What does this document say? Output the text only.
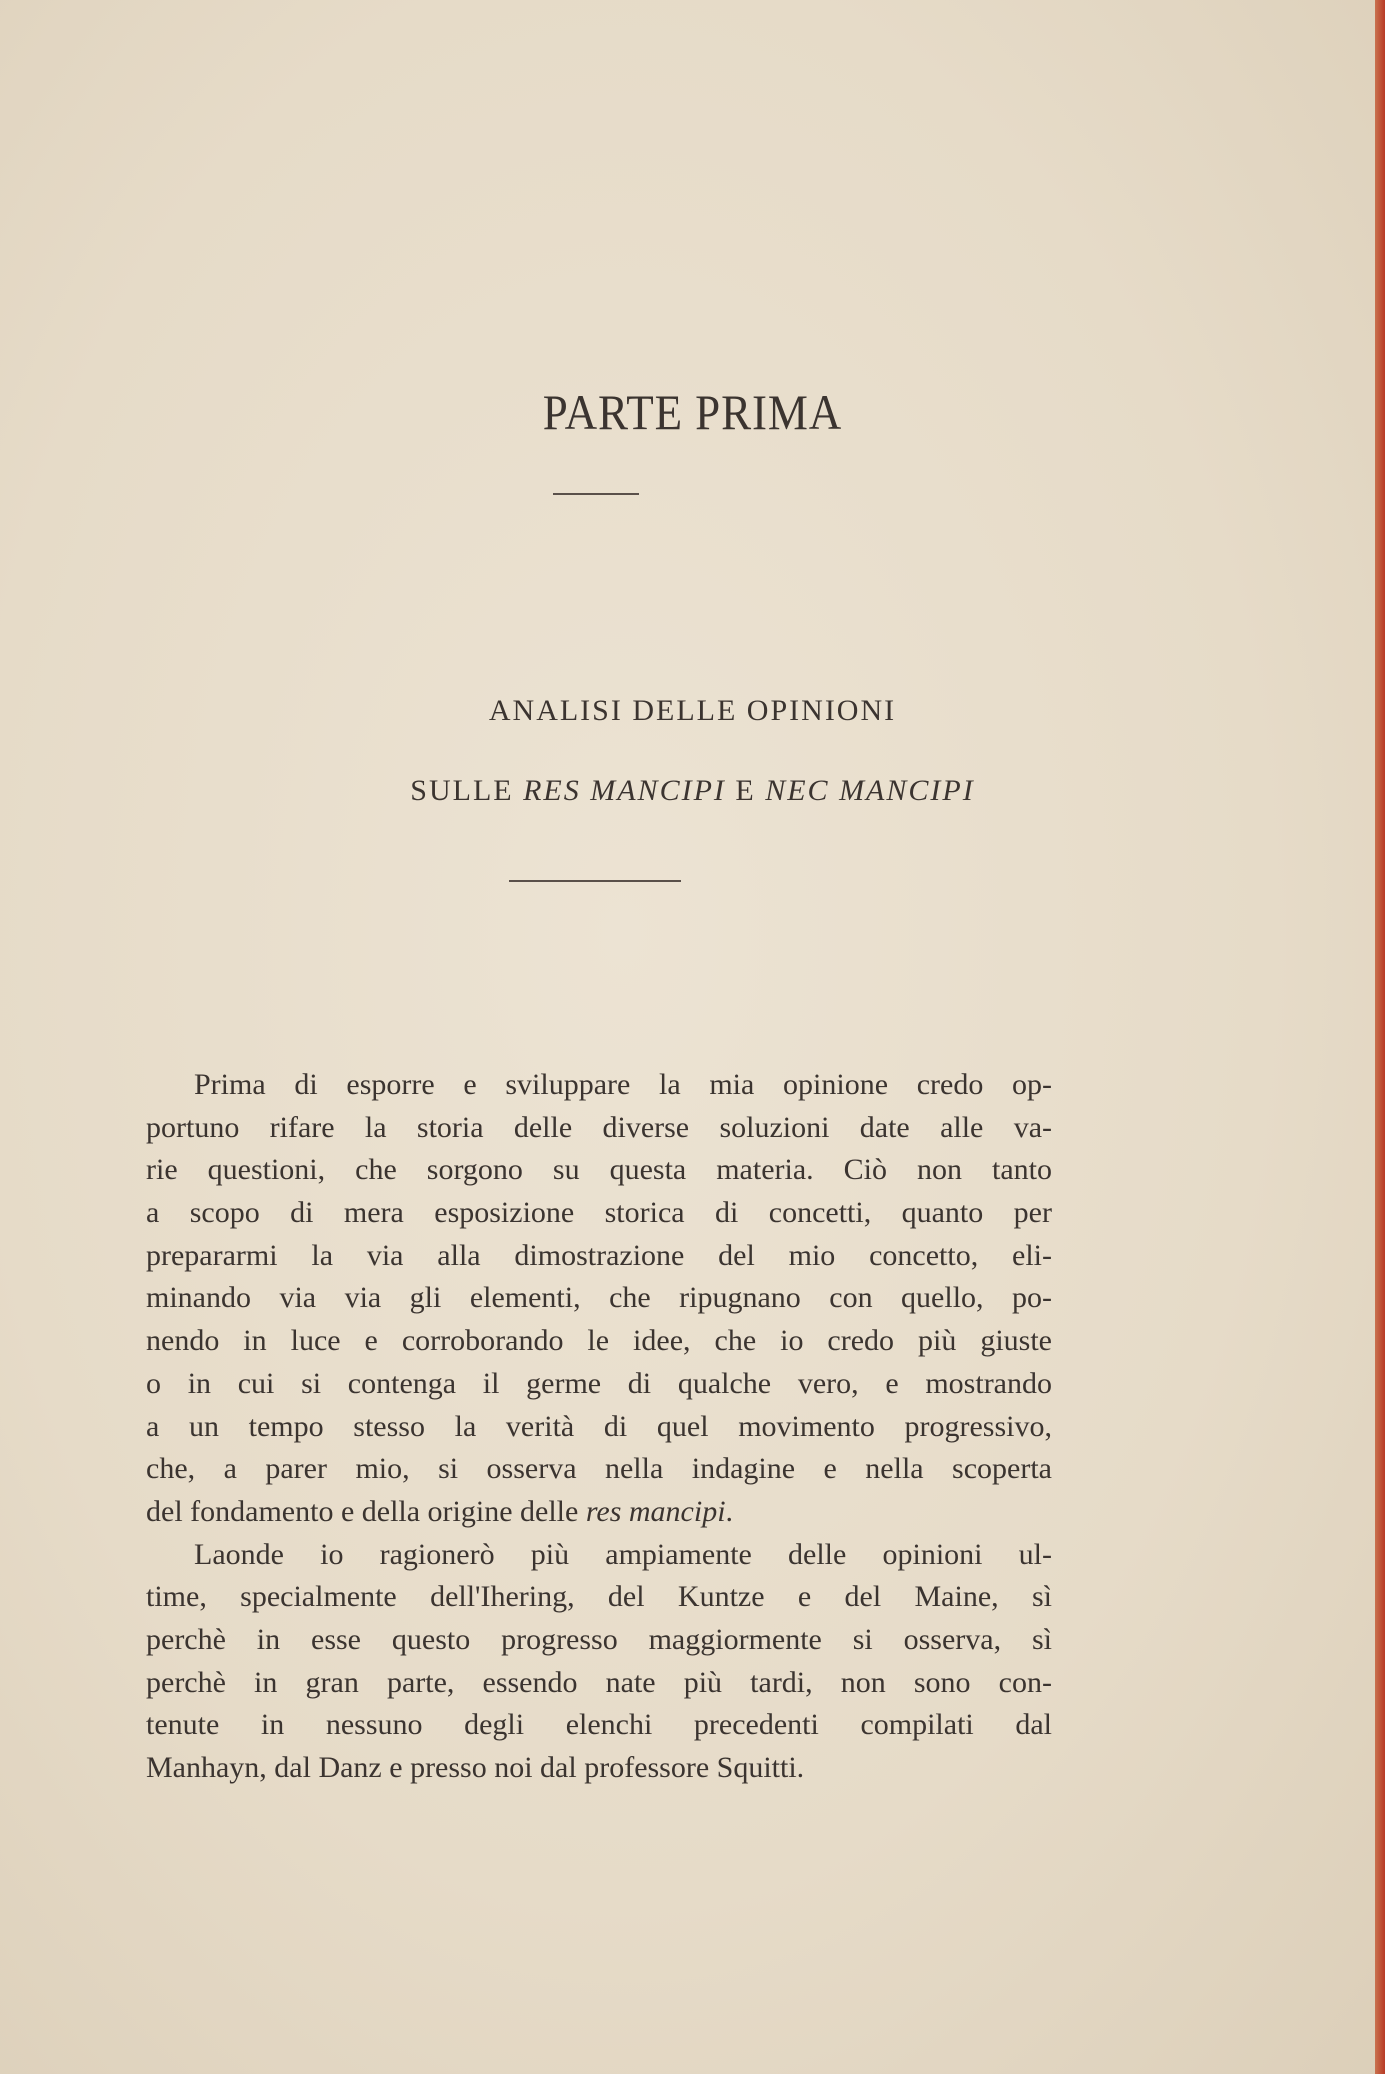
PARTE PRIMA
ANALISI DELLE OPINIONI
SULLE RES MANCIPI E NEC MANCIPI
Prima di esporre e sviluppare la mia opinione credo op-
portuno rifare la storia delle diverse soluzioni date alle va-
rie questioni, che sorgono su questa materia. Ciò non tanto
a scopo di mera esposizione storica di concetti, quanto per
prepararmi la via alla dimostrazione del mio concetto, eli-
minando via via gli elementi, che ripugnano con quello, po-
nendo in luce e corroborando le idee, che io credo più giuste
o in cui si contenga il germe di qualche vero, e mostrando
a un tempo stesso la verità di quel movimento progressivo,
che, a parer mio, si osserva nella indagine e nella scoperta
del fondamento e della origine delle res mancipi.
Laonde io ragionerò più ampiamente delle opinioni ul-
time, specialmente dell'Ihering, del Kuntze e del Maine, sì
perchè in esse questo progresso maggiormente si osserva, sì
perchè in gran parte, essendo nate più tardi, non sono con-
tenute in nessuno degli elenchi precedenti compilati dal
Manhayn, dal Danz e presso noi dal professore Squitti.
